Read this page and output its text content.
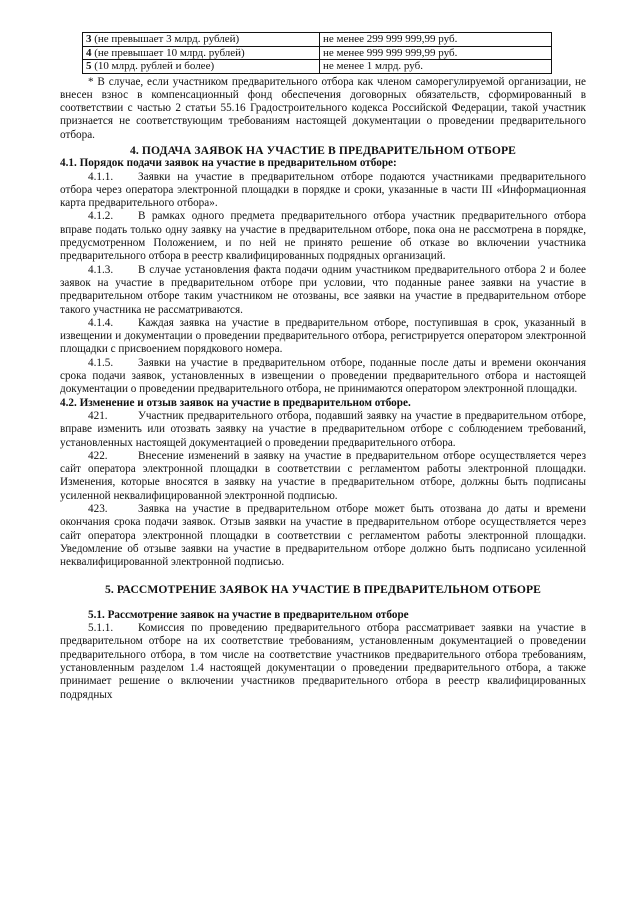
3 (не превышает 3 млрд. рублей)	не менее 299 999 999,99 руб.
4 (не превышает 10 млрд. рублей)	не менее 999 999 999,99 руб.
5 (10 млрд. рублей и более)	не менее 1 млрд. руб.

* В случае, если участником предварительного отбора как членом саморегулируемой организации, не внесен взнос в компенсационный фонд обеспечения договорных обязательств, сформированный в соответствии с частью 2 статьи 55.16 Градостроительного кодекса Российской Федерации, такой участник признается не соответствующим требованиям настоящей документации о проведении предварительного отбора.

4. ПОДАЧА ЗАЯВОК НА УЧАСТИЕ В ПРЕДВАРИТЕЛЬНОМ ОТБОРЕ

4.1. Порядок подачи заявок на участие в предварительном отборе:

4.1.1. Заявки на участие в предварительном отборе подаются участниками предварительного отбора через оператора электронной площадки в порядке и сроки, указанные в части III «Информационная карта предварительного отбора».

4.1.2. В рамках одного предмета предварительного отбора участник предварительного отбора вправе подать только одну заявку на участие в предварительном отборе, пока она не рассмотрена в порядке, предусмотренном Положением, и по ней не принято решение об отказе во включении участника предварительного отбора в реестр квалифицированных подрядных организаций.

4.1.3. В случае установления факта подачи одним участником предварительного отбора 2 и более заявок на участие в предварительном отборе при условии, что поданные ранее заявки на участие в предварительном отборе таким участником не отозваны, все заявки на участие в предварительном отборе такого участника не рассматриваются.

4.1.4. Каждая заявка на участие в предварительном отборе, поступившая в срок, указанный в извещении и документации о проведении предварительного отбора, регистрируется оператором электронной площадки с присвоением порядкового номера.

4.1.5. Заявки на участие в предварительном отборе, поданные после даты и времени окончания срока подачи заявок, установленных в извещении о проведении предварительного отбора и настоящей документации о проведении предварительного отбора, не принимаются оператором электронной площадки.

4.2. Изменение и отзыв заявок на участие в предварительном отборе.

421.	Участник предварительного отбора, подавший заявку на участие в предварительном отборе, вправе изменить или отозвать заявку на участие в предварительном отборе с соблюдением требований, установленных настоящей документацией о проведении предварительного отбора.

422.	Внесение изменений в заявку на участие в предварительном отборе осуществляется через сайт оператора электронной площадки в соответствии с регламентом работы электронной площадки. Изменения, которые вносятся в заявку на участие в предварительном отборе, должны быть подписаны усиленной неквалифицированной электронной подписью.

423.	Заявка на участие в предварительном отборе может быть отозвана до даты и времени окончания срока подачи заявок. Отзыв заявки на участие в предварительном отборе осуществляется через сайт оператора электронной площадки в соответствии с регламентом работы электронной площадки. Уведомление об отзыве заявки на участие в предварительном отборе должно быть подписано усиленной неквалифицированной электронной подписью.

5. РАССМОТРЕНИЕ ЗАЯВОК НА УЧАСТИЕ В ПРЕДВАРИТЕЛЬНОМ ОТБОРЕ

5.1. Рассмотрение заявок на участие в предварительном отборе

5.1.1. Комиссия по проведению предварительного отбора рассматривает заявки на участие в предварительном отборе на их соответствие требованиям, установленным документацией о проведении предварительного отбора, в том числе на соответствие участников предварительного отбора требованиям, установленным разделом 1.4 настоящей документации о проведении предварительного отбора, а также принимает решение о включении участников предварительного отбора в реестр квалифицированных подрядных
